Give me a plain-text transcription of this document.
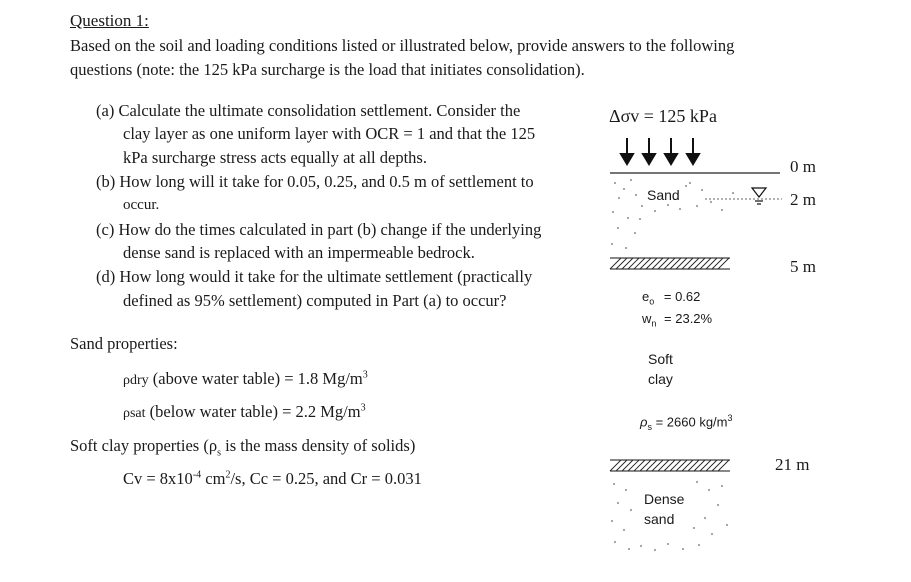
Question 1:
Based on the soil and loading conditions listed or illustrated below, provide answers to the following
questions (note: the 125 kPa surcharge is the load that initiates consolidation).
(a) Calculate the ultimate consolidation settlement. Consider the
clay layer as one uniform layer with OCR = 1 and that the 125
kPa surcharge stress acts equally at all depths.
(b) How long will it take for 0.05, 0.25, and 0.5 m of settlement to
occur.
(c) How do the times calculated in part (b) change if the underlying
dense sand is replaced with an impermeable bedrock.
(d) How long would it take for the ultimate settlement (practically
defined as 95% settlement) computed in Part (a) to occur?
Sand properties:
ρdry (above water table) = 1.8 $Mg/m^3$
ρsat (below water table) = 2.2 $Mg/m^3$
Soft clay properties ($\rho_s$ is the mass density of solids)
$Cv = 8x10^{-4}$ $cm^2/s$, Cc = 0.25, and Cr = 0.031
Δσv = 125 kPa
0 m
2 m
5 m
21 m
Sand
$e_o = 0.62$
$w_n = 23.2\%$
Soft
clay
$\rho_s = 2660$ $kg/m^3$
Dense
sand
